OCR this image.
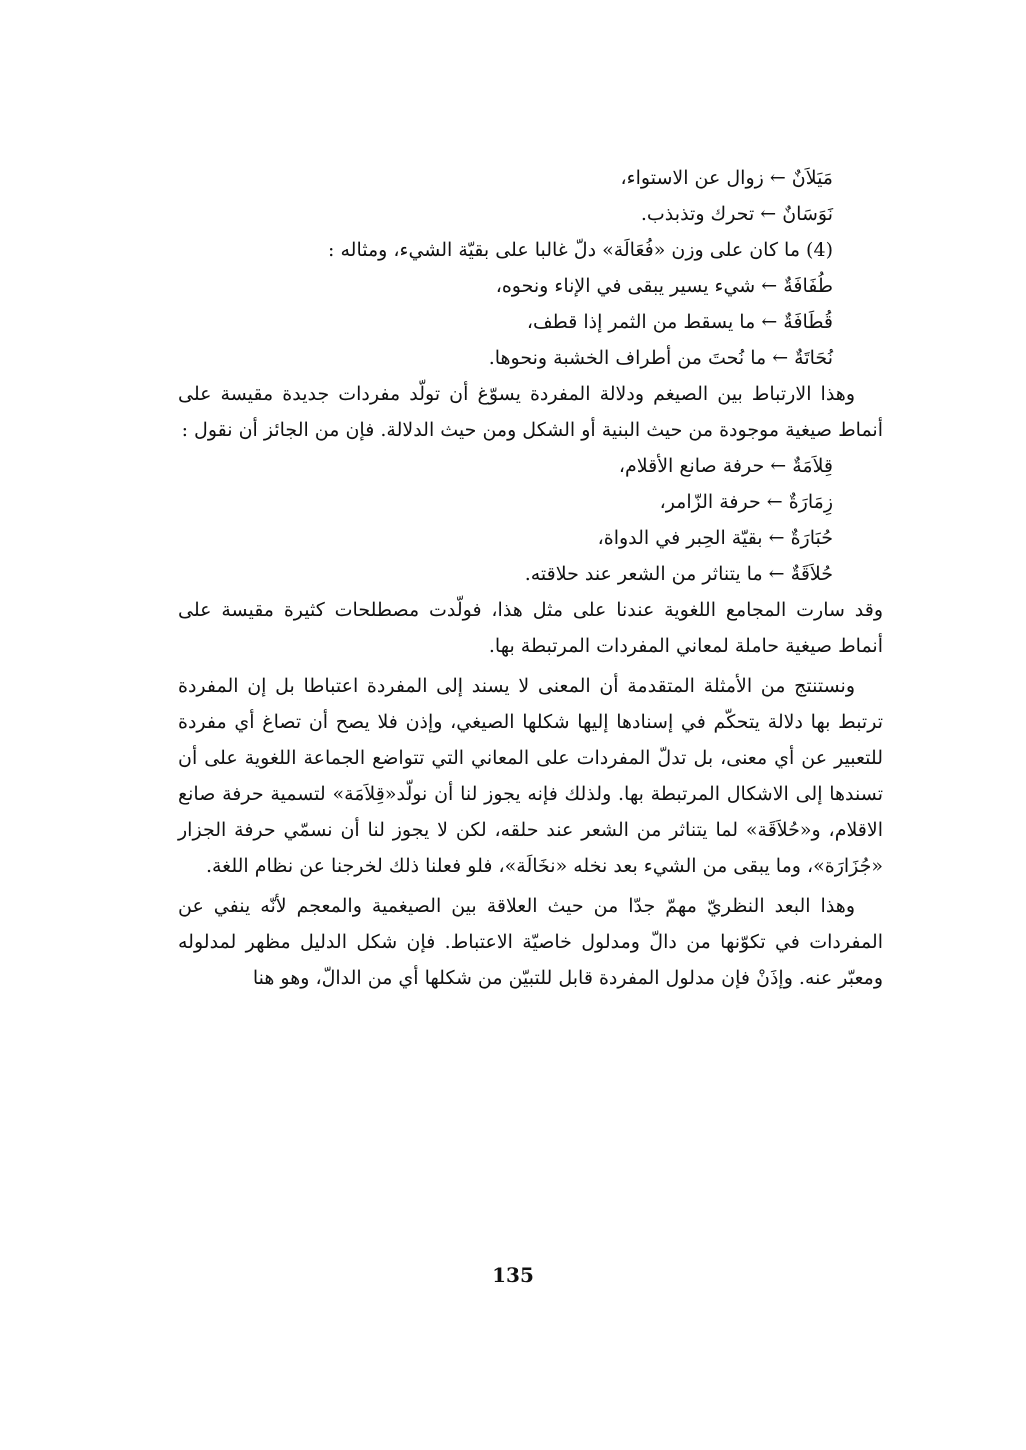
مَيَلاَنٌ ← زوال عن الاستواء،
نَوَسَانٌ ← تحرك وتذبذب.
(4) ما كان على وزن «فُعَالَة» دلّ غالبا على بقيّة الشيء، ومثاله :
طُفَافَةٌ ← شيء يسير يبقى في الإناء ونحوه،
قُطَافَةٌ ← ما يسقط من الثمر إذا قطف،
نُحَاتَةٌ ← ما نُحتَ من أطراف الخشبة ونحوها.

وهذا الارتباط بين الصيغم ودلالة المفردة يسوّغ أن تولّد مفردات جديدة مقيسة على أنماط صيغية موجودة من حيث البنية أو الشكل ومن حيث الدلالة. فإن من الجائز أن نقول :

قِلاَمَةٌ ← حرفة صانع الأقلام،
زِمَارَةٌ ← حرفة الزّامر،
حُبَارَةٌ ← بقيّة الحِبر في الدواة،
حُلاَقَةٌ ← ما يتناثر من الشعر عند حلاقته.

وقد سارت المجامع اللغوية عندنا على مثل هذا، فولّدت مصطلحات كثيرة مقيسة على أنماط صيغية حاملة لمعاني المفردات المرتبطة بها.

ونستنتج من الأمثلة المتقدمة أن المعنى لا يسند إلى المفردة اعتباطا بل إن المفردة ترتبط بها دلالة يتحكّم في إسنادها إليها شكلها الصيغي، وإذن فلا يصح أن تصاغ أي مفردة للتعبير عن أي معنى، بل تدلّ المفردات على المعاني التي تتواضع الجماعة اللغوية على أن تسندها إلى الاشكال المرتبطة بها. ولذلك فإنه يجوز لنا أن نولّد«قِلاَمَة» لتسمية حرفة صانع الاقلام، و«حُلاَقَة» لما يتناثر من الشعر عند حلقه، لكن لا يجوز لنا أن نسمّي حرفة الجزار «جُزَارَة»، وما يبقى من الشيء بعد نخله «نخَالَة»، فلو فعلنا ذلك لخرجنا عن نظام اللغة.

وهذا البعد النظريّ مهمّ جدّا من حيث العلاقة بين الصيغمية والمعجم لأنّه ينفي عن المفردات في تكوّنها من دالّ ومدلول خاصيّة الاعتباط. فإن شكل الدليل مظهر لمدلوله ومعبّر عنه. وإذَنْ فإن مدلول المفردة قابل للتبيّن من شكلها أي من الدالّ، وهو هنا

135
